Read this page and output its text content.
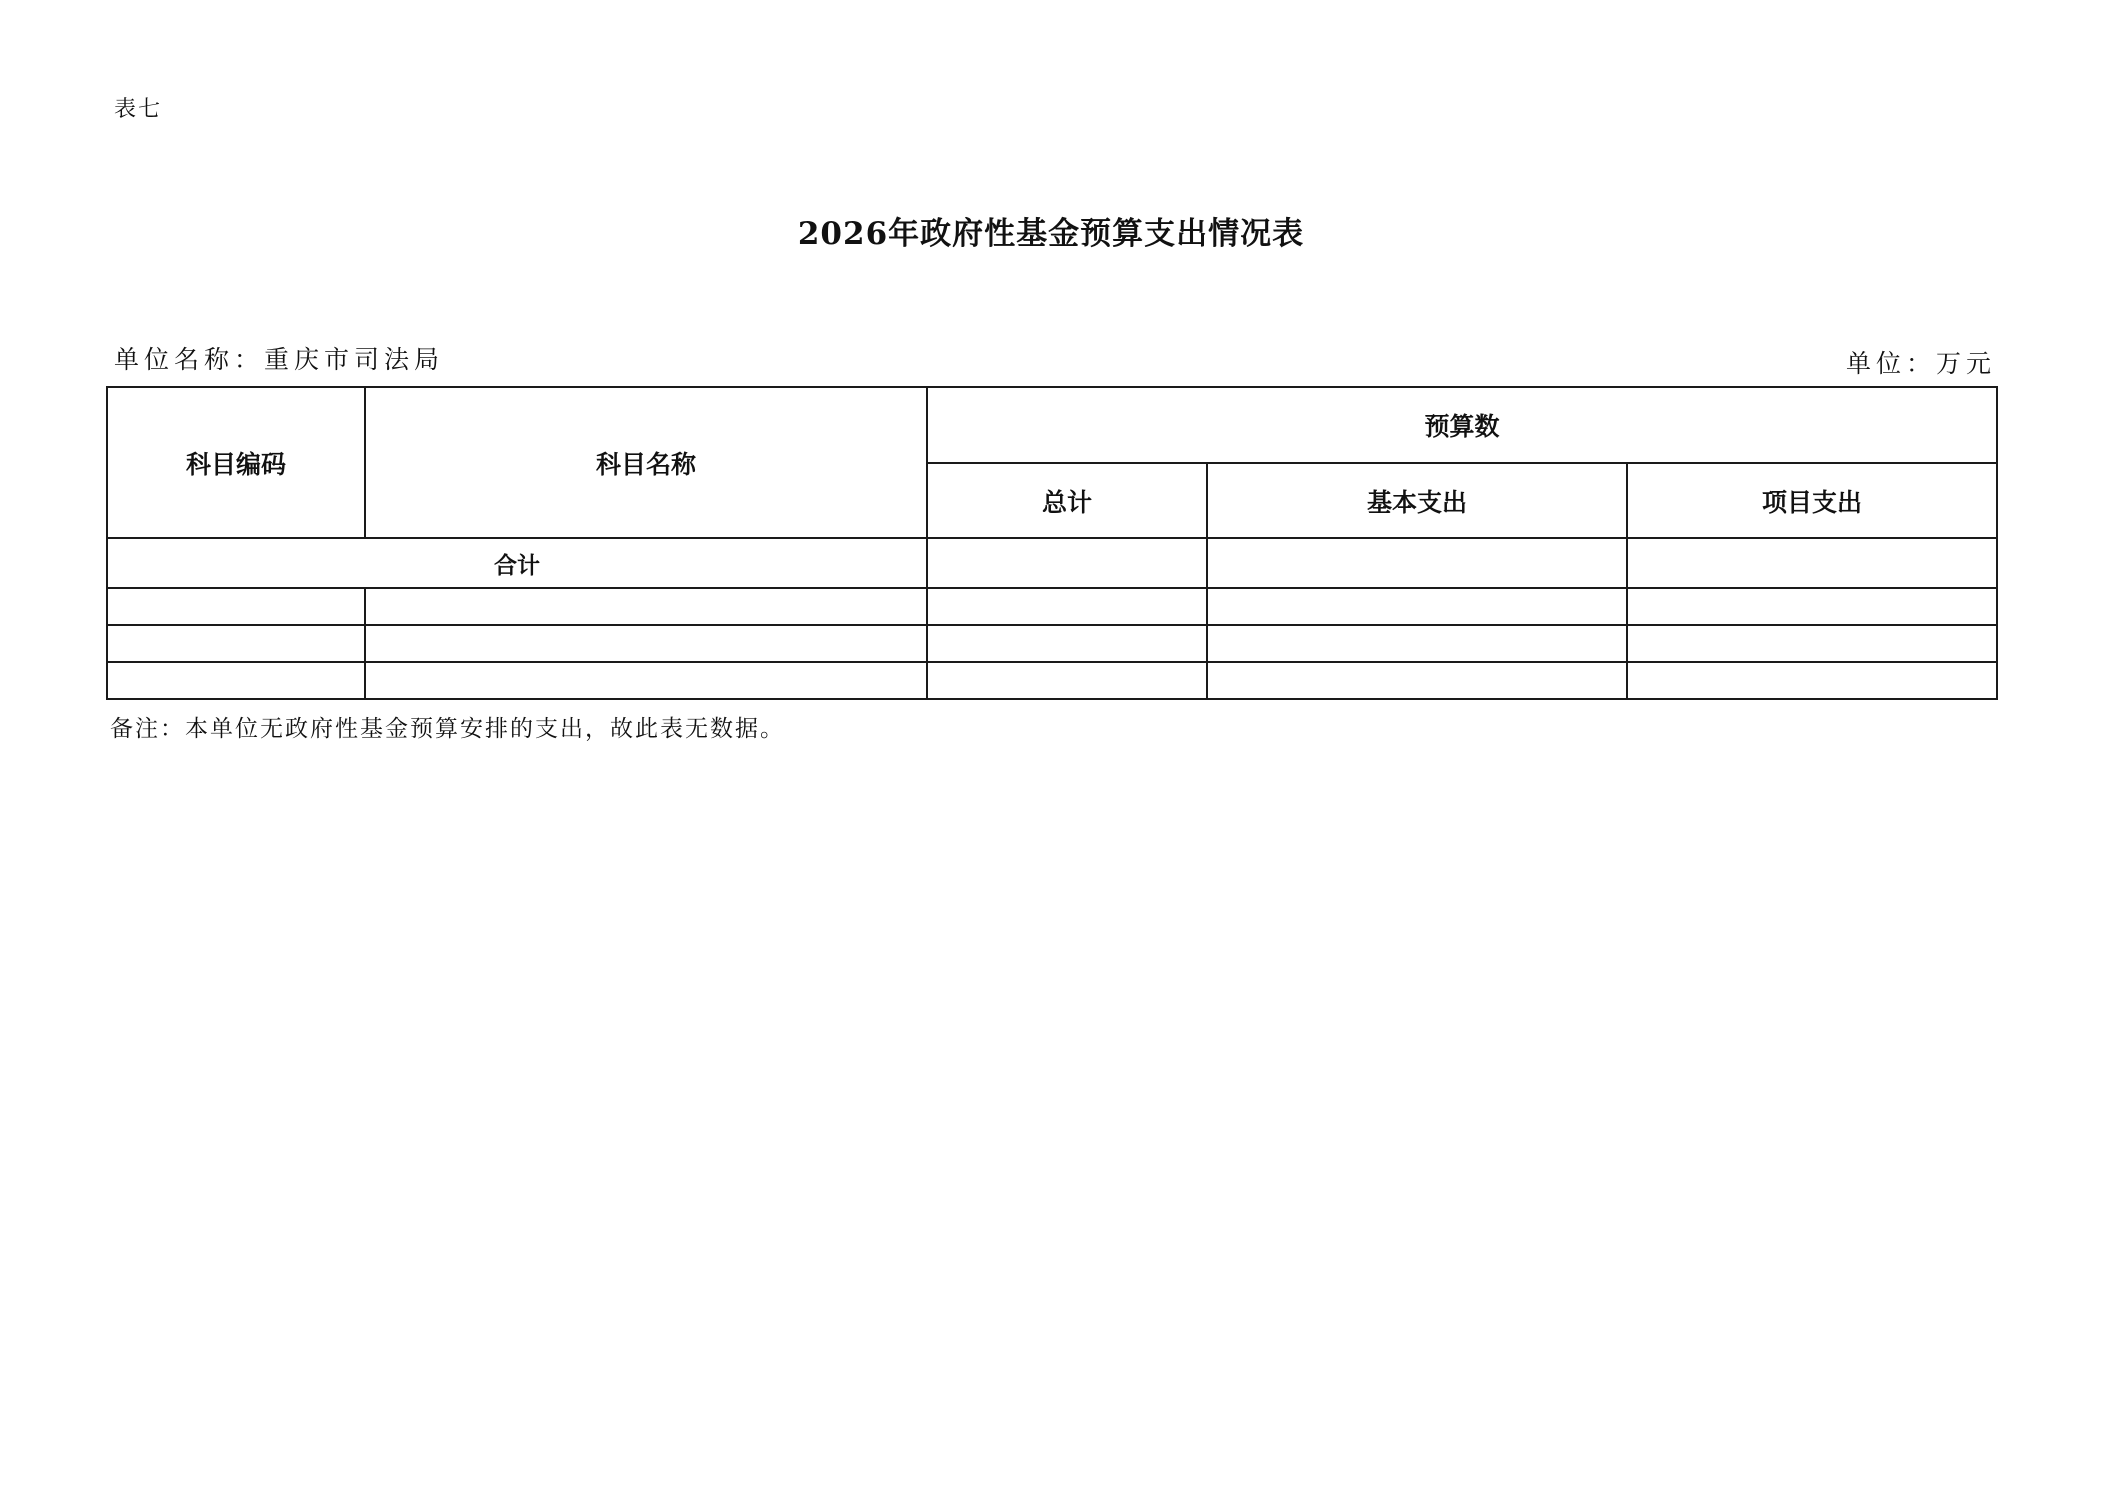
表七
2026年政府性基金预算支出情况表
单位名称：重庆市司法局	单位：万元
科目编码	科目名称	预算数		
		总计	基本支出	项目支出
合计				

备注：本单位无政府性基金预算安排的支出，故此表无数据。
